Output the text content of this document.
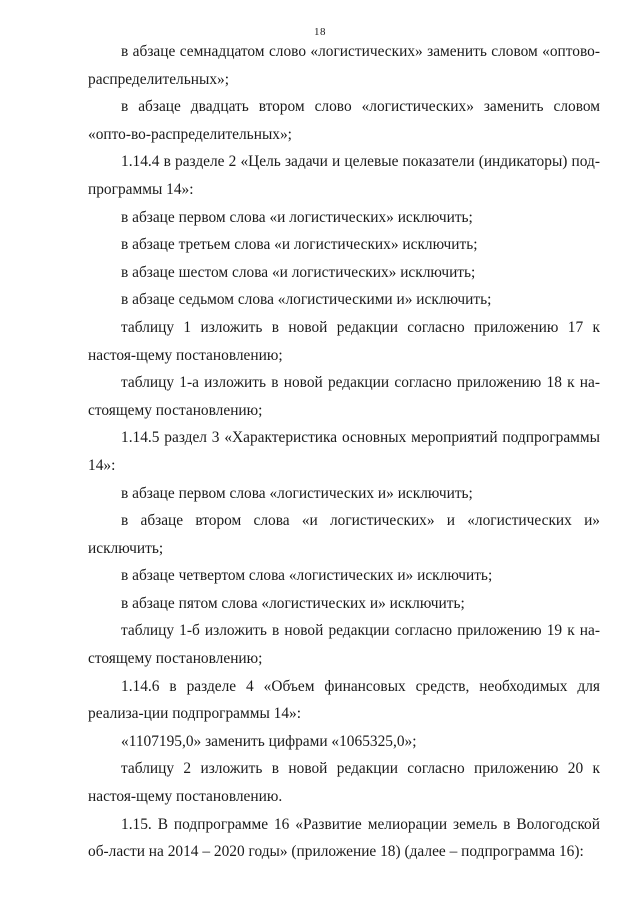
18

в абзаце семнадцатом слово «логистических» заменить словом «оптово-распределительных»;

в абзаце двадцать втором слово «логистических» заменить словом «опто-во-распределительных»;

1.14.4 в разделе 2 «Цель задачи и целевые показатели (индикаторы) под-программы 14»:

в абзаце первом слова «и логистических» исключить;

в абзаце третьем слова «и логистических» исключить;

в абзаце шестом слова «и логистических» исключить;

в абзаце седьмом слова «логистическими и» исключить;

таблицу 1 изложить в новой редакции согласно приложению 17 к настоя-щему постановлению;

таблицу 1-а изложить в новой редакции согласно приложению 18 к на-стоящему постановлению;

1.14.5 раздел 3 «Характеристика основных мероприятий подпрограммы 14»:

в абзаце первом слова «логистических и» исключить;

в абзаце втором слова «и логистических» и «логистических и» исключить;

в абзаце четвертом слова «логистических и» исключить;

в абзаце пятом слова «логистических и» исключить;

таблицу 1-б изложить в новой редакции согласно приложению 19 к на-стоящему постановлению;

1.14.6 в разделе 4 «Объем финансовых средств, необходимых для реализа-ции подпрограммы 14»:

«1107195,0» заменить цифрами «1065325,0»;

таблицу 2 изложить в новой редакции согласно приложению 20 к настоя-щему постановлению.

1.15. В подпрограмме 16 «Развитие мелиорации земель в Вологодской об-ласти на 2014 – 2020 годы» (приложение 18) (далее – подпрограмма 16):
